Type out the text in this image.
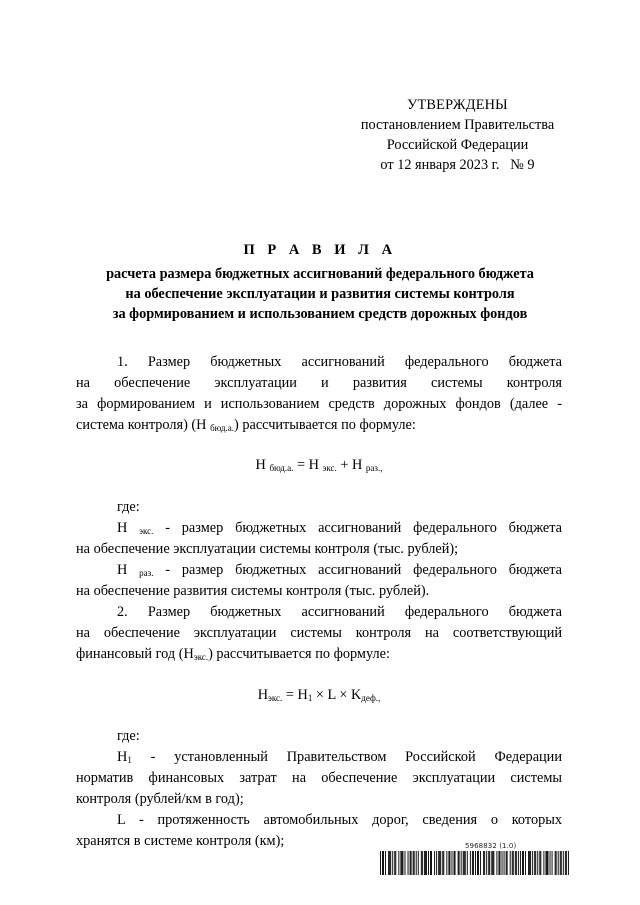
УТВЕРЖДЕНЫ
постановлением Правительства
Российской Федерации
от 12 января 2023 г.   № 9
П Р А В И Л А
расчета размера бюджетных ассигнований федерального бюджета
на обеспечение эксплуатации и развития системы контроля
за формированием и использованием средств дорожных фондов

1. Размер бюджетных ассигнований федерального бюджета

на обеспечение эксплуатации и развития системы контроля

за формированием и использованием средств дорожных фондов (далее -

система контроля) (Н $_{бюд.а.}$) рассчитывается по формуле:

Н $_{бюд.а.}$ = Н $_{экс.}$ + Н $_{раз.,}$

где:

Н $_{экс.}$ - размер бюджетных ассигнований федерального бюджета

на обеспечение эксплуатации системы контроля (тыс. рублей);

Н $_{раз.}$ - размер бюджетных ассигнований федерального бюджета

на обеспечение развития системы контроля (тыс. рублей).

2. Размер бюджетных ассигнований федерального бюджета

на обеспечение эксплуатации системы контроля на соответствующий

финансовый год $(Н_{экс.})$ рассчитывается по формуле:

$Н_{экс.} = Н_1 \times L \times K_{деф.,}$

где:

$Н_1$ - установленный Правительством Российской Федерации

норматив финансовых затрат на обеспечение эксплуатации системы

контроля (рублей/км в год);

L - протяженность автомобильных дорог, сведения о которых

хранятся в системе контроля (км);	5968832 (1.0)
